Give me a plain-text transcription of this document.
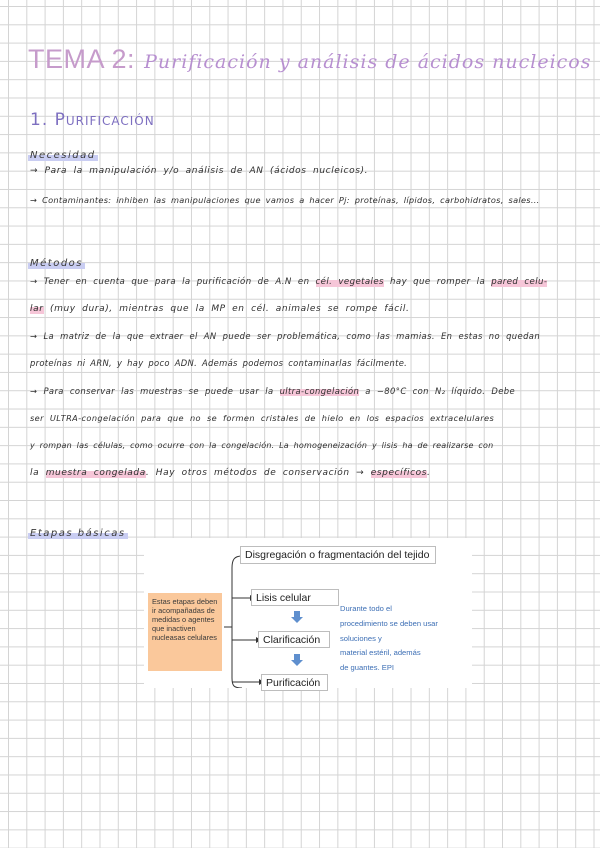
TEMA 2: Purificación y análisis de ácidos nucleicos
1. Purificación
Necesidad
→ Para la manipulación y/o análisis de AN (ácidos nucleicos).
→ Contaminantes: inhiben las manipulaciones que vamos a hacer Pj: proteínas, lípidos, carbohidratos, sales...
Métodos
→ Tener en cuenta que para la purificación de A.N en cél. vegetales hay que romper la pared celu-
lar (muy dura), mientras que la MP en cél. animales se rompe fácil.
→ La matriz de la que extraer el AN puede ser problemática, como las mamias. En estas no quedan
proteínas ni ARN, y hay poco ADN. Además podemos contaminarlas fácilmente.
→ Para conservar las muestras se puede usar la ultra-congelación a −80°C con N₂ líquido. Debe
ser ULTRA-congelación para que no se formen cristales de hielo en los espacios extracelulares
y rompan las células, como ocurre con la congelación. La homogeneización y lisis ha de realizarse con
la muestra congelada. Hay otros métodos de conservación → específicos.
Etapas básicas
Disgregación o fragmentación del tejido
Lisis celular
Clarificación
Purificación
Estas etapas deben ir acompañadas de medidas o agentes que inactiven nucleasas celulares
Durante todo el
procedimiento se deben usar
soluciones y
material estéril, además
de guantes. EPI
